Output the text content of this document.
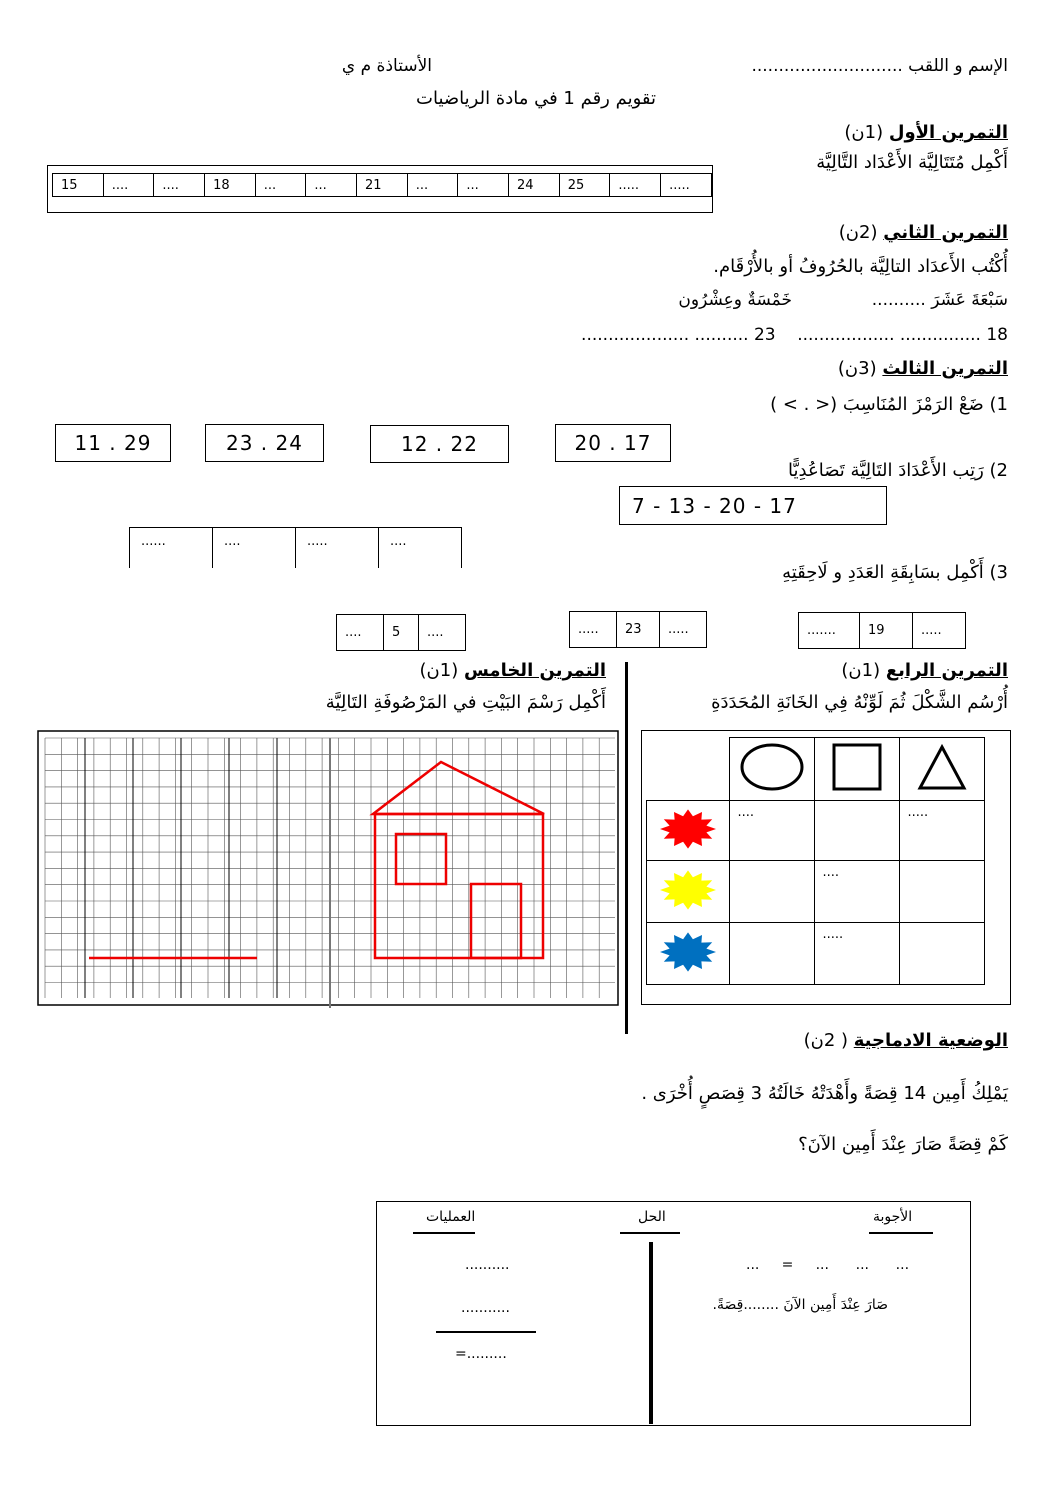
الإسم و اللقب ............................
الأستاذة م ي
تقويم رقم 1 في مادة الرياضيات
التمرين الأول (1ن)
أَكْمِل مُتَتَالِيَّة الأَعْدَاد التَّالِيَّة
15	....	....	18	...	...	21	...	...	24	25	.....	.....
التمرين الثاني (2ن)
أُكْتُب الأَعدَاد التالِيَّة بالحُرُوفُ أو بالأُرْقَام.
سَبْعَةَ عَشَرَ ..........
خَمْسَةٌ وعِشْرُون
18 ............... ..................    23 .......... ....................
التمرين الثالث (3ن)
1) ضَعْ الرَمْزَ المُنَاسِبَ (< . > )
11 . 29	23 . 24	12 . 22	20 . 17
2) رَتِب الأَعْدَادَ التَالِيَّة تَصَاعُدِيًّا
7 - 13 - 20 - 17
......	....	.....	....
3) أَكْمِل بسَابِقَةِ العَدَدِ و لَاحِقَتِهِ
....	5	....	.....	23	.....	.......	19	.....
التمرين الرابع (1ن)
أُرْسُم الشَّكْلَ ثُمَ لَوِّنْهُ فِي الخَانَةِ المُحَدَدَةِ

	....		.....
		....	
		.....	
التمرين الخامس (1ن)
أَكْمِل رَسْمَ البَيْتِ في المَرْصُوفَةِ التَالِيَّة
الوضعية الادماجية ( 2ن)
يَمْلِكُ أَمِين 14 قِصَةً وأَهْدَتْهُ خَالَتُهُ 3 قِصَصٍ أُخْرَى .
كَمْ قِصَةً صَارَ عِنْدَ أَمِين الآنَ؟
الأجوبة
الحل
العمليات
...     =     ...      ...      ...
صَارَ عِنْدَ أَمِين الآنَ ........قِصَةً.
..........
...........
=.........
